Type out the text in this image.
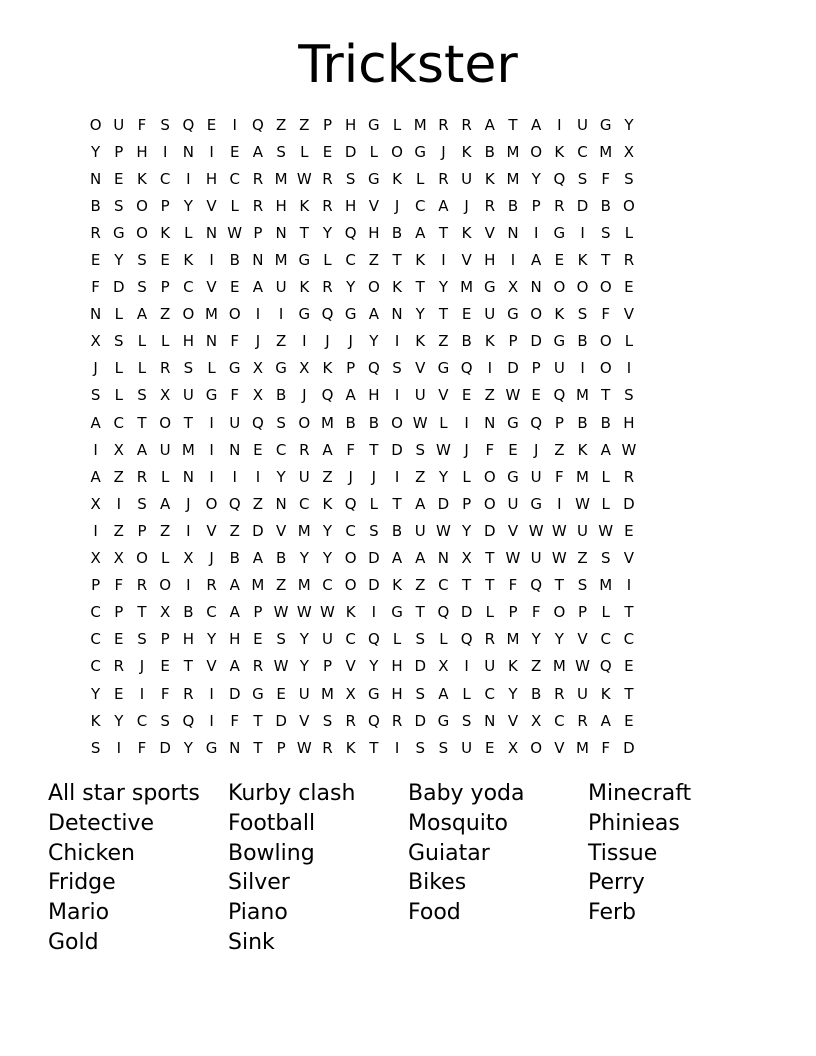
Trickster
O U F S Q E	I	Q Z Z P H G L M R R A T A	I	U G Y
Y P H	I	N	I	E A S L E D L O G	J	K B M O K C M X
N E K C	I	H C R M W R S G K L R U K M Y Q S F S
B S O P Y V L R H K R H V	J	C A	J	R B P R D B O
R G O K L N W P N T Y Q H B A T K V N	I	G	I	S L
E Y S E K	I	B N M G L C Z T K	I	V H	I	A E K T R
F D S P C V E A U K R Y O K T Y M G X N O O O E
N L A Z O M O	I	I	G Q G A N Y T E U G O K S F V
X S L L H N F	J	Z	I	J	J	Y	I	K Z B K P D G B O L
J	L L R S L G X G X K P Q S V G Q	I	D P U	I	O	I
S L S X U G F X B	J	Q A H	I	U V E Z W E Q M T S
A C T O T	I	U Q S O M B B O W L	I	N G Q P B B H
I	X A U M I	N E C R A F T D S W J	F E	J	Z K A W
A Z R L N	I	I	I	Y U Z	J	J	I	Z Y L O G U F M L R
X	I	S A	J	O Q Z N C K Q L T A D P O U G	I W L D
I	Z P Z	I	V Z D V M Y C S B U W Y D V W W U W E
X X O L X	J	B A B Y Y O D A A N X T W U W Z S V
P F R O	I	R A M Z M C O D K Z C T T F Q T S M I
C P T X B C A P W W W K	I	G T Q D L P F O P L T
C E S P H Y H E S Y U C Q L S L Q R M Y Y V C C
C R	J	E T V A R W Y P V Y H D X	I	U K Z M W Q E
Y E	I	F R	I	D G E U M X G H S A L C Y B R U K T
K Y C S Q	I	F T D V S R Q R D G S N V X C R A E
S	I	F D Y G N T P W R K T	I	S S U E X O V M F D
All star sports	Kurby clash	Baby yoda	Minecraft
Detective	Football	Mosquito	Phinieas
Chicken	Bowling	Guiatar	Tissue
Fridge	Silver	Bikes	Perry
Mario	Piano	Food	Ferb
Gold	Sink
